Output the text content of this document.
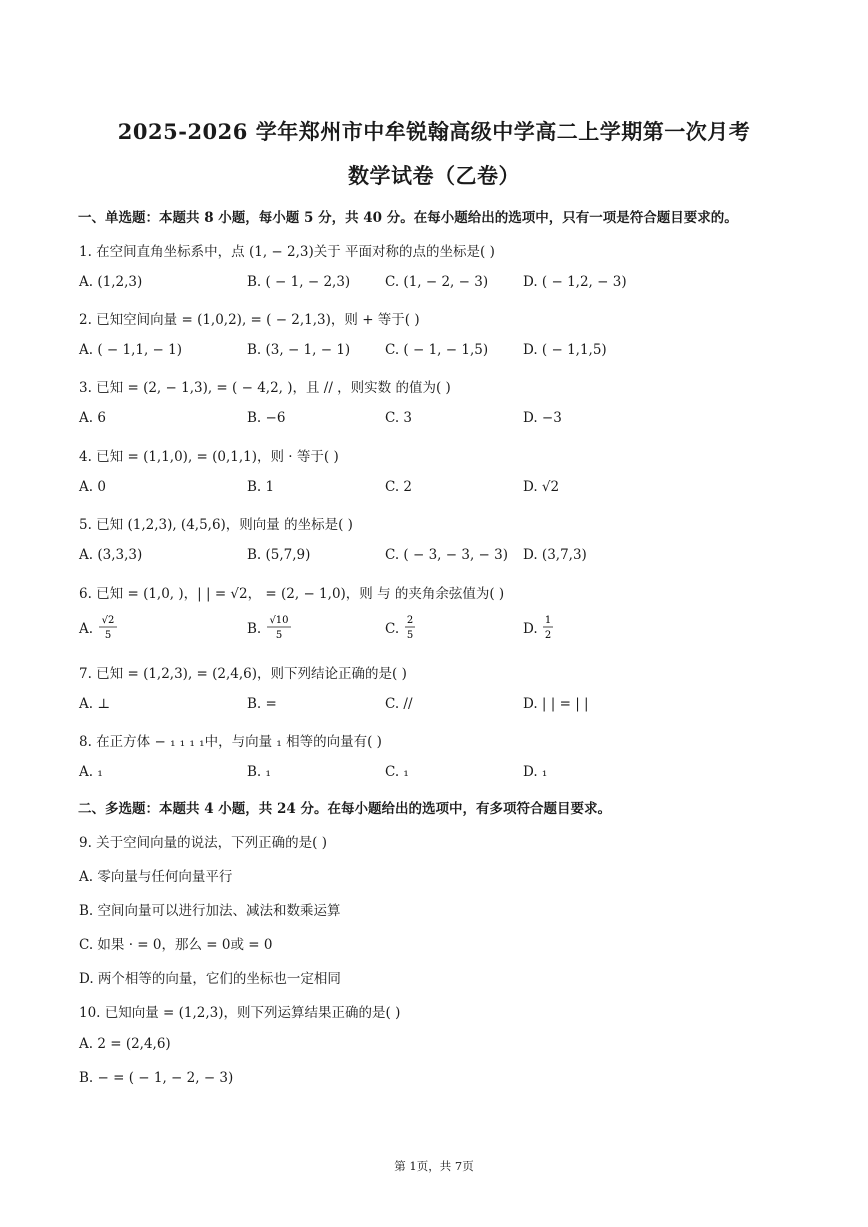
2025-2026 学年郑州市中牟锐翰高级中学高二上学期第一次月考
数学试卷（乙卷）
一、单选题：本题共 8 小题，每小题 5 分，共 40 分。在每小题给出的选项中，只有一项是符合题目要求的。
1. 在空间直角坐标系中，点 (1, − 2,3)关于 平面对称的点的坐标是( )
A. (1,2,3)	B. ( − 1, − 2,3)	C. (1, − 2, − 3)	D. ( − 1,2, − 3)
2. 已知空间向量 = (1,0,2), = ( − 2,1,3)，则 + 等于( )
A. ( − 1,1, − 1)	B. (3, − 1, − 1)	C. ( − 1, − 1,5)	D. ( − 1,1,5)
3. 已知 = (2, − 1,3), = ( − 4,2, )，且 // ，则实数 的值为( )
A. 6	B. −6	C. 3	D. −3
4. 已知 = (1,1,0), = (0,1,1)，则 · 等于( )
A. 0	B. 1	C. 2	D. √2
5. 已知 (1,2,3), (4,5,6)，则向量 的坐标是( )
A. (3,3,3)	B. (5,7,9)	C. ( − 3, − 3, − 3) D. (3,7,3)
6. 已知 = (1,0, )，| | = √2， = (2, − 1,0)，则 与 的夹角余弦值为( )
A.
√2
5	B.
√10
5	C.
2
5	D.
1
2
7. 已知 = (1,2,3), = (2,4,6)，则下列结论正确的是( )
A. ⊥	B. =	C. //	D. | | = | |
8. 在正方体 − ₁ ₁ ₁ ₁中，与向量 ₁ 相等的向量有( )
A. ₁	B. ₁	C. ₁	D. ₁
二、多选题：本题共 4 小题，共 24 分。在每小题给出的选项中，有多项符合题目要求。
9. 关于空间向量的说法，下列正确的是( )
A. 零向量与任何向量平行
B. 空间向量可以进行加法、减法和数乘运算
C. 如果 · = 0，那么 = 0或 = 0
D. 两个相等的向量，它们的坐标也一定相同
10. 已知向量 = (1,2,3)，则下列运算结果正确的是( )
A. 2 = (2,4,6)
B. − = ( − 1, − 2, − 3)
第 1页，共 7页
